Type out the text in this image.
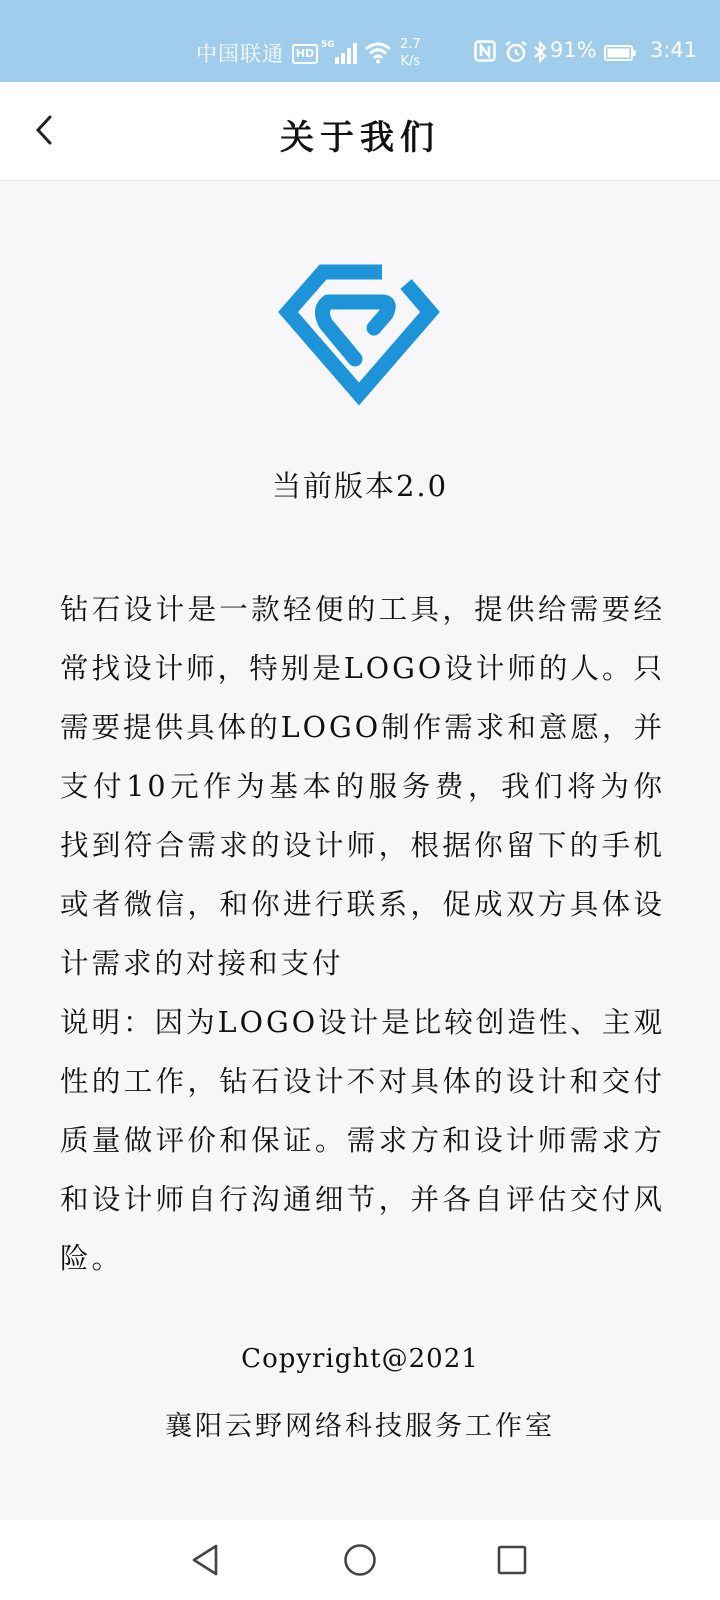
中国联通	HD
5G	2.7
K/s	91%	3:41
关于我们
当前版本2.0

钻石设计是一款轻便的工具，提供给需要经常找设计师，特别是LOGO设计师的人。只需要提供具体的LOGO制作需求和意愿，并支付10元作为基本的服务费，我们将为你找到符合需求的设计师，根据你留下的手机或者微信，和你进行联系，促成双方具体设计需求的对接和支付

说明：因为LOGO设计是比较创造性、主观性的工作，钻石设计不对具体的设计和交付质量做评价和保证。需求方和设计师需求方和设计师自行沟通细节，并各自评估交付风险。

Copyright@2021
襄阳云野网络科技服务工作室
